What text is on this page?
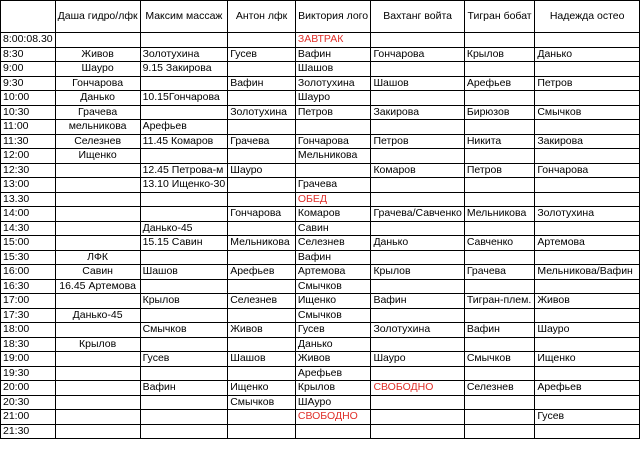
	Даша гидро/лфк	Максим массаж	Антон лфк	Виктория лого	Вахтанг войта	Тигран бобат	Надежда остео
8:00:08.30				ЗАВТРАК			
8:30	Живов	Золотухина	Гусев	Вафин	Гончарова	Крылов	Данько
9:00	Шауро	9.15 Закирова		Шашов			
9:30	Гончарова		Вафин	Золотухина	Шашов	Арефьев	Петров
10:00	Данько	10.15Гончарова		Шауро			
10:30	Грачева		Золотухина	Петров	Закирова	Бирюзов	Смычков
11:00	мельникова	Арефьев					
11:30	Селезнев	11.45 Комаров	Грачева	Гончарова	Петров	Никита	Закирова
12:00	Ищенко			Мельникова			
12:30		12.45 Петрова-м	Шауро		Комаров	Петров	Гончарова
13:00		13.10 Ищенко-30		Грачева			
13.30				ОБЕД			
14:00			Гончарова	Комаров	Грачева/Савченко	Мельникова	Золотухина
14:30		Данько-45		Савин			
15:00		15.15 Савин	Мельникова	Селезнев	Данько	Савченко	Артемова
15:30	ЛФК			Вафин			
16:00	Савин	Шашов	Арефьев	Артемова	Крылов	Грачева	Мельникова/Вафин
16:30	16.45 Артемова			Смычков			
17:00		Крылов	Селезнев	Ищенко	Вафин	Тигран-плем.	Живов
17:30	Данько-45			Смычков			
18:00		Смычков	Живов	Гусев	Золотухина	Вафин	Шауро
18:30	Крылов			Данько			
19:00		Гусев	Шашов	Живов	Шауро	Смычков	Ищенко
19:30				Арефьев			
20:00		Вафин	Ищенко	Крылов	СВОБОДНО	Селезнев	Арефьев
20:30			Смычков	ШАуро			
21:00				СВОБОДНО			Гусев
21:30							
